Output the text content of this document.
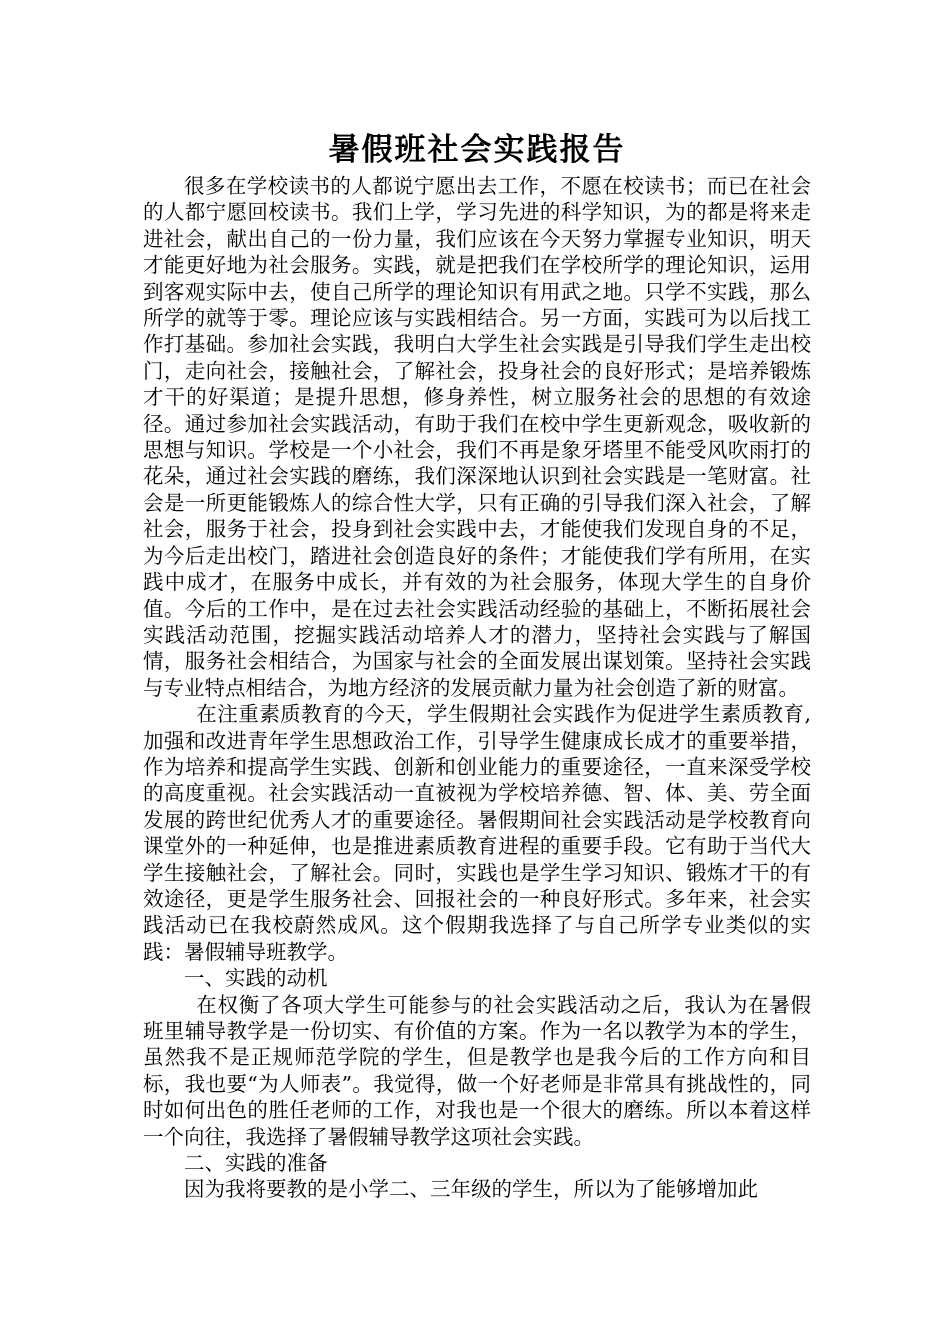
暑假班社会实践报告

很多在学校读书的人都说宁愿出去工作，不愿在校读书；而已在社会的人都宁愿回校读书。我们上学，学习先进的科学知识，为的都是将来走进社会，献出自己的一份力量，我们应该在今天努力掌握专业知识，明天才能更好地为社会服务。实践，就是把我们在学校所学的理论知识，运用到客观实际中去，使自己所学的理论知识有用武之地。只学不实践，那么所学的就等于零。理论应该与实践相结合。另一方面，实践可为以后找工作打基础。参加社会实践，我明白大学生社会实践是引导我们学生走出校门，走向社会，接触社会，了解社会，投身社会的良好形式；是培养锻炼才干的好渠道；是提升思想，修身养性，树立服务社会的思想的有效途径。通过参加社会实践活动，有助于我们在校中学生更新观念，吸收新的思想与知识。学校是一个小社会，我们不再是象牙塔里不能受风吹雨打的花朵，通过社会实践的磨练，我们深深地认识到社会实践是一笔财富。社会是一所更能锻炼人的综合性大学，只有正确的引导我们深入社会，了解社会，服务于社会，投身到社会实践中去，才能使我们发现自身的不足，为今后走出校门，踏进社会创造良好的条件；才能使我们学有所用，在实践中成才，在服务中成长，并有效的为社会服务，体现大学生的自身价值。今后的工作中，是在过去社会实践活动经验的基础上，不断拓展社会实践活动范围，挖掘实践活动培养人才的潜力，坚持社会实践与了解国情，服务社会相结合，为国家与社会的全面发展出谋划策。坚持社会实践与专业特点相结合，为地方经济的发展贡献力量为社会创造了新的财富。

在注重素质教育的今天，学生假期社会实践作为促进学生素质教育,加强和改进青年学生思想政治工作，引导学生健康成长成才的重要举措，作为培养和提高学生实践、创新和创业能力的重要途径，一直来深受学校的高度重视。社会实践活动一直被视为学校培养德、智、体、美、劳全面发展的跨世纪优秀人才的重要途径。暑假期间社会实践活动是学校教育向课堂外的一种延伸，也是推进素质教育进程的重要手段。它有助于当代大学生接触社会，了解社会。同时，实践也是学生学习知识、锻炼才干的有效途径，更是学生服务社会、回报社会的一种良好形式。多年来，社会实践活动已在我校蔚然成风。这个假期我选择了与自己所学专业类似的实践：暑假辅导班教学。

一、实践的动机

在权衡了各项大学生可能参与的社会实践活动之后，我认为在暑假班里辅导教学是一份切实、有价值的方案。作为一名以教学为本的学生，虽然我不是正规师范学院的学生，但是教学也是我今后的工作方向和目标，我也要“为人师表”。我觉得，做一个好老师是非常具有挑战性的，同时如何出色的胜任老师的工作，对我也是一个很大的磨练。所以本着这样一个向往，我选择了暑假辅导教学这项社会实践。

二、实践的准备

因为我将要教的是小学二、三年级的学生，所以为了能够增加此
